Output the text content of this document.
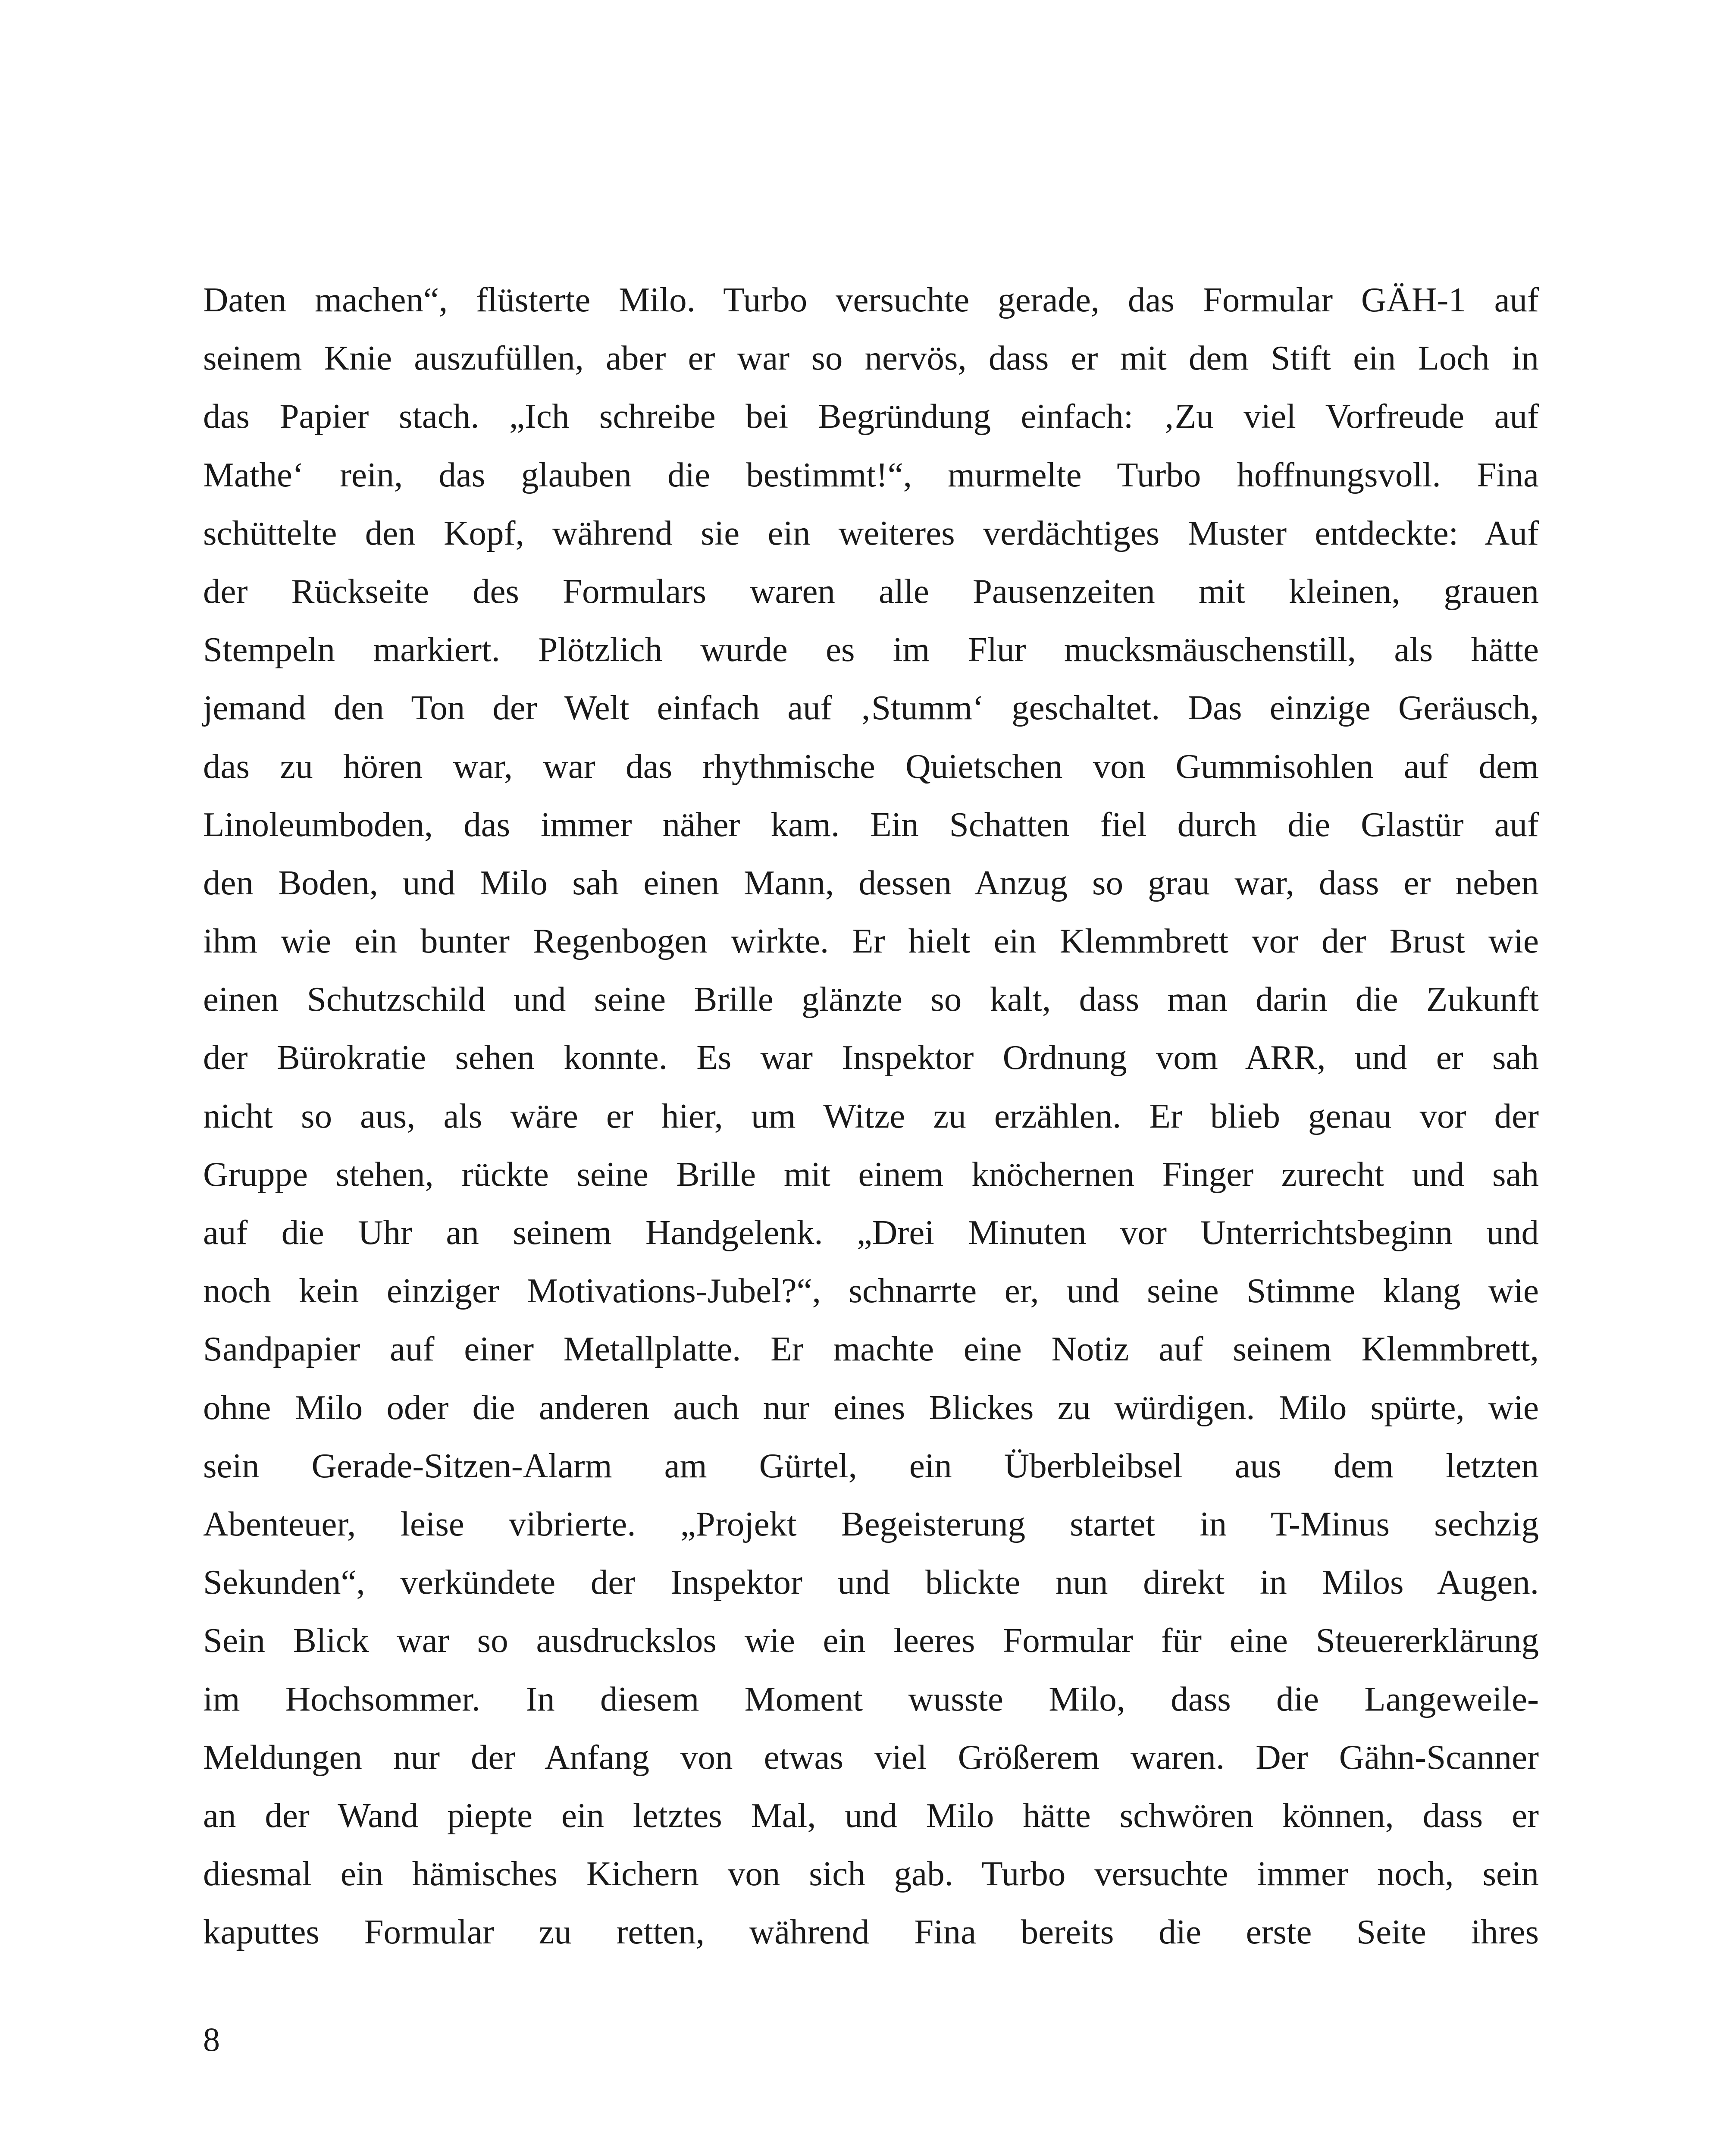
Daten machen“, flüsterte Milo. Turbo versuchte gerade, das Formular GÄH-1 auf
seinem Knie auszufüllen, aber er war so nervös, dass er mit dem Stift ein Loch in
das Papier stach. „Ich schreibe bei Begründung einfach: ‚Zu viel Vorfreude auf
Mathe‘ rein, das glauben die bestimmt!“, murmelte Turbo hoffnungsvoll. Fina
schüttelte den Kopf, während sie ein weiteres verdächtiges Muster entdeckte: Auf
der Rückseite des Formulars waren alle Pausenzeiten mit kleinen, grauen
Stempeln markiert. Plötzlich wurde es im Flur mucksmäuschenstill, als hätte
jemand den Ton der Welt einfach auf ‚Stumm‘ geschaltet. Das einzige Geräusch,
das zu hören war, war das rhythmische Quietschen von Gummisohlen auf dem
Linoleumboden, das immer näher kam. Ein Schatten fiel durch die Glastür auf
den Boden, und Milo sah einen Mann, dessen Anzug so grau war, dass er neben
ihm wie ein bunter Regenbogen wirkte. Er hielt ein Klemmbrett vor der Brust wie
einen Schutzschild und seine Brille glänzte so kalt, dass man darin die Zukunft
der Bürokratie sehen konnte. Es war Inspektor Ordnung vom ARR, und er sah
nicht so aus, als wäre er hier, um Witze zu erzählen. Er blieb genau vor der
Gruppe stehen, rückte seine Brille mit einem knöchernen Finger zurecht und sah
auf die Uhr an seinem Handgelenk. „Drei Minuten vor Unterrichtsbeginn und
noch kein einziger Motivations-Jubel?“, schnarrte er, und seine Stimme klang wie
Sandpapier auf einer Metallplatte. Er machte eine Notiz auf seinem Klemmbrett,
ohne Milo oder die anderen auch nur eines Blickes zu würdigen. Milo spürte, wie
sein Gerade-Sitzen-Alarm am Gürtel, ein Überbleibsel aus dem letzten
Abenteuer, leise vibrierte. „Projekt Begeisterung startet in T-Minus sechzig
Sekunden“, verkündete der Inspektor und blickte nun direkt in Milos Augen.
Sein Blick war so ausdruckslos wie ein leeres Formular für eine Steuererklärung
im Hochsommer. In diesem Moment wusste Milo, dass die Langeweile-
Meldungen nur der Anfang von etwas viel Größerem waren. Der Gähn-Scanner
an der Wand piepte ein letztes Mal, und Milo hätte schwören können, dass er
diesmal ein hämisches Kichern von sich gab. Turbo versuchte immer noch, sein
kaputtes Formular zu retten, während Fina bereits die erste Seite ihres

8
